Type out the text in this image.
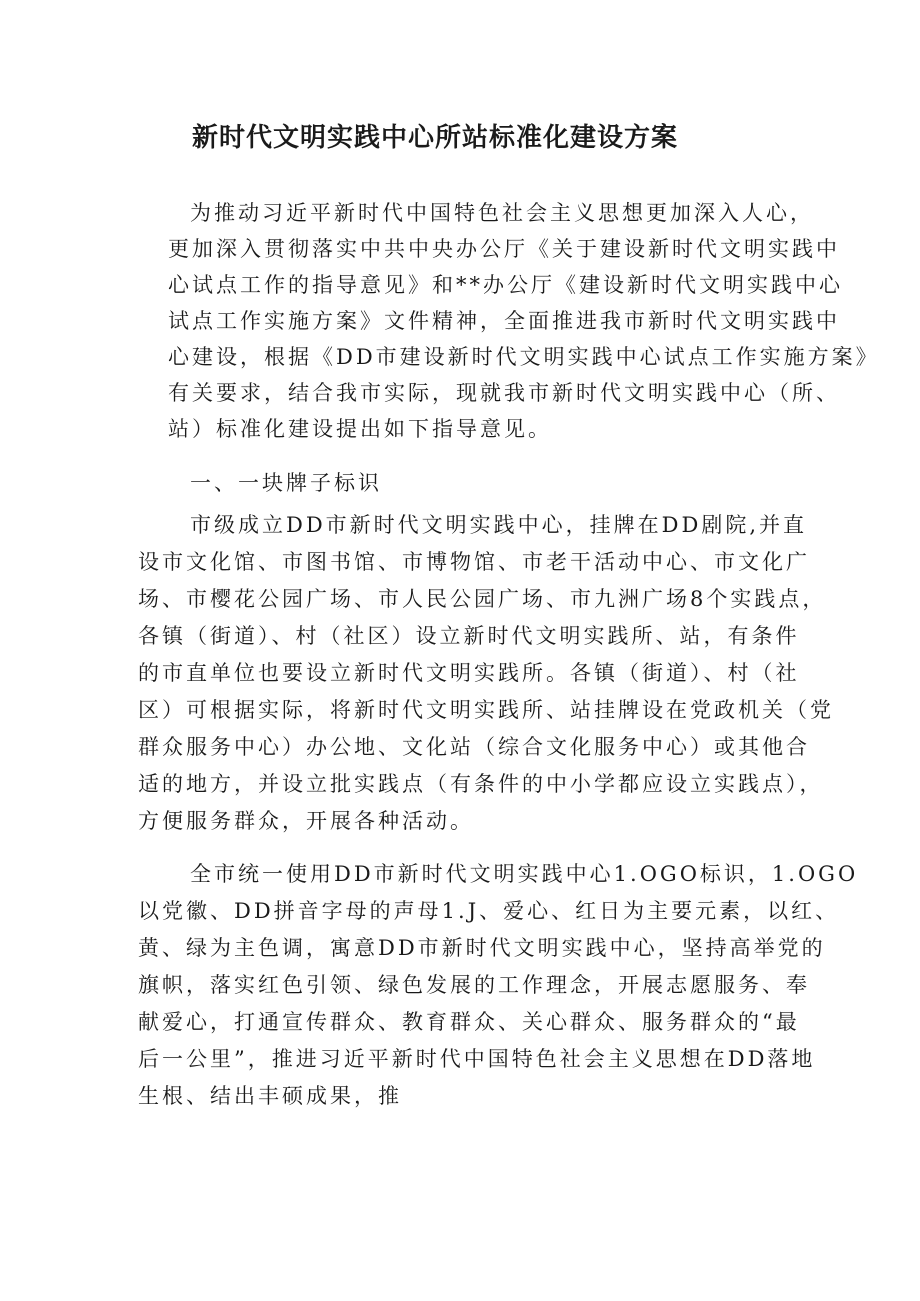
新时代文明实践中心所站标准化建设方案

为推动习近平新时代中国特色社会主义思想更加深入人心，

更加深入贯彻落实中共中央办公厅《关于建设新时代文明实践中

心试点工作的指导意见》和**办公厅《建设新时代文明实践中心

试点工作实施方案》文件精神，全面推进我市新时代文明实践中

心建设，根据《DD市建设新时代文明实践中心试点工作实施方案》

有关要求，结合我市实际，现就我市新时代文明实践中心（所、

站）标准化建设提出如下指导意见。

一、一块牌子标识

市级成立DD市新时代文明实践中心，挂牌在DD剧院,并直

设市文化馆、市图书馆、市博物馆、市老干活动中心、市文化广

场、市樱花公园广场、市人民公园广场、市九洲广场8个实践点，

各镇（街道）、村（社区）设立新时代文明实践所、站，有条件

的市直单位也要设立新时代文明实践所。各镇（街道）、村（社

区）可根据实际，将新时代文明实践所、站挂牌设在党政机关（党

群众服务中心）办公地、文化站（综合文化服务中心）或其他合

适的地方，并设立批实践点（有条件的中小学都应设立实践点），

方便服务群众，开展各种活动。

全市统一使用DD市新时代文明实践中心1.OGO标识，1.OGO

以党徽、DD拼音字母的声母1.J、爱心、红日为主要元素，以红、

黄、绿为主色调，寓意DD市新时代文明实践中心，坚持高举党的

旗帜，落实红色引领、绿色发展的工作理念，开展志愿服务、奉

献爱心，打通宣传群众、教育群众、关心群众、服务群众的“最

后一公里”，推进习近平新时代中国特色社会主义思想在DD落地

生根、结出丰硕成果，推
